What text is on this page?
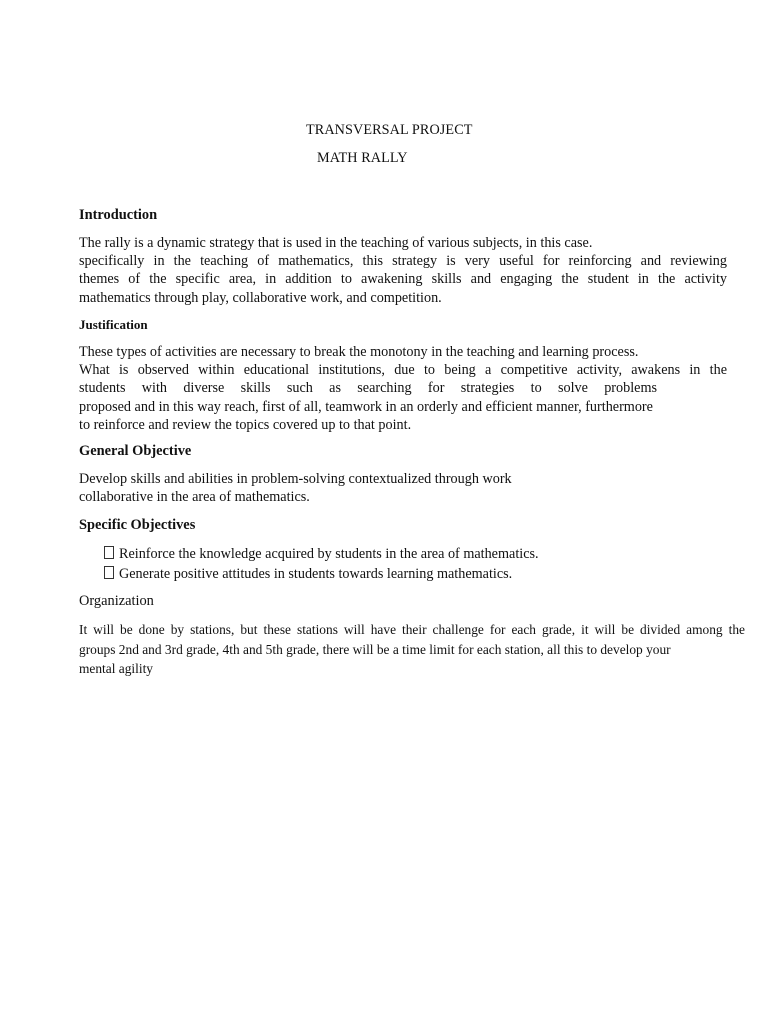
TRANSVERSAL PROJECT
MATH RALLY
Introduction
The rally is a dynamic strategy that is used in the teaching of various subjects, in this case.
specifically in the teaching of mathematics, this strategy is very useful for reinforcing and reviewing
themes of the specific area, in addition to awakening skills and engaging the student in the activity
mathematics through play, collaborative work, and competition.
Justification
These types of activities are necessary to break the monotony in the teaching and learning process.
What is observed within educational institutions, due to being a competitive activity, awakens in the
students with diverse skills such as searching for strategies to solve problems
proposed and in this way reach, first of all, teamwork in an orderly and efficient manner, furthermore
to reinforce and review the topics covered up to that point.
General Objective
Develop skills and abilities in problem-solving contextualized through work
collaborative in the area of mathematics.
Specific Objectives
Reinforce the knowledge acquired by students in the area of mathematics.
Generate positive attitudes in students towards learning mathematics.
Organization
It will be done by stations, but these stations will have their challenge for each grade, it will be divided among the
groups 2nd and 3rd grade, 4th and 5th grade, there will be a time limit for each station, all this to develop your
mental agility
